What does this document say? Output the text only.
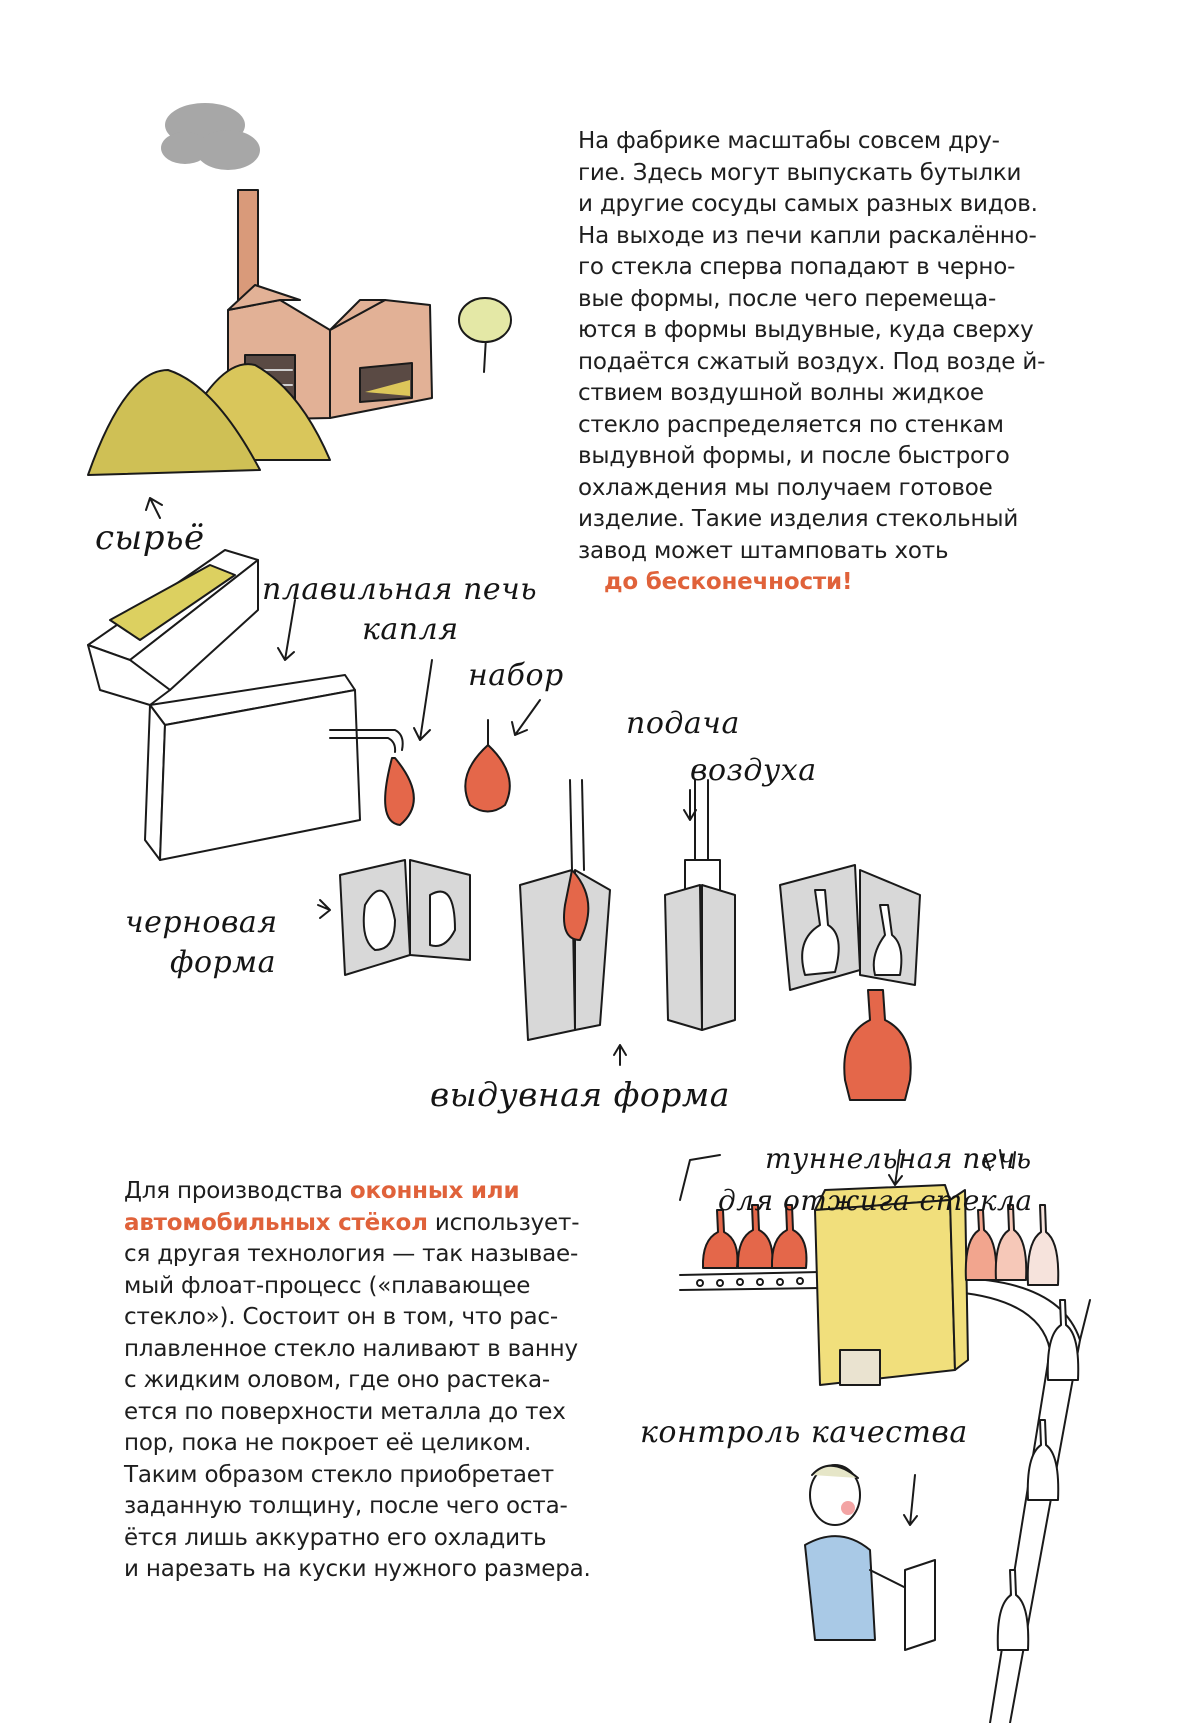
На фабрике масштабы совсем дру-
гие. Здесь могут выпускать бутылки
и другие сосуды самых разных видов.
На выходе из печи капли раскалённо-
го стекла сперва попадают в черно-
вые формы, после чего перемеща-
ются в формы выдувные, куда сверху
подаётся сжатый воздух. Под возде й-
ствием воздушной волны жидкое
стекло распределяется по стенкам
выдувной формы, и после быстрого
охлаждения мы получаем готовое
изделие. Такие изделия стекольный
завод может штамповать хоть
до бесконечности!
Для производства оконных или
автомобильных стёкол использует-
ся другая технология — так называе-
мый флоат-процесс («плавающее
стекло»). Состоит он в том, что рас-
плавленное стекло наливают в ванну
с жидким оловом, где оно растека-
ется по поверхности металла до тех
пор, пока не покроет её целиком.
Таким образом стекло приобретает
заданную толщину, после чего оста-
ётся лишь аккуратно его охладить
и нарезать на куски нужного размера.
сырьё
плавильная печь
капля
набор
подача
воздуха
черновая
форма
выдувная форма
туннельная печь
для отжига стекла
контроль качества
